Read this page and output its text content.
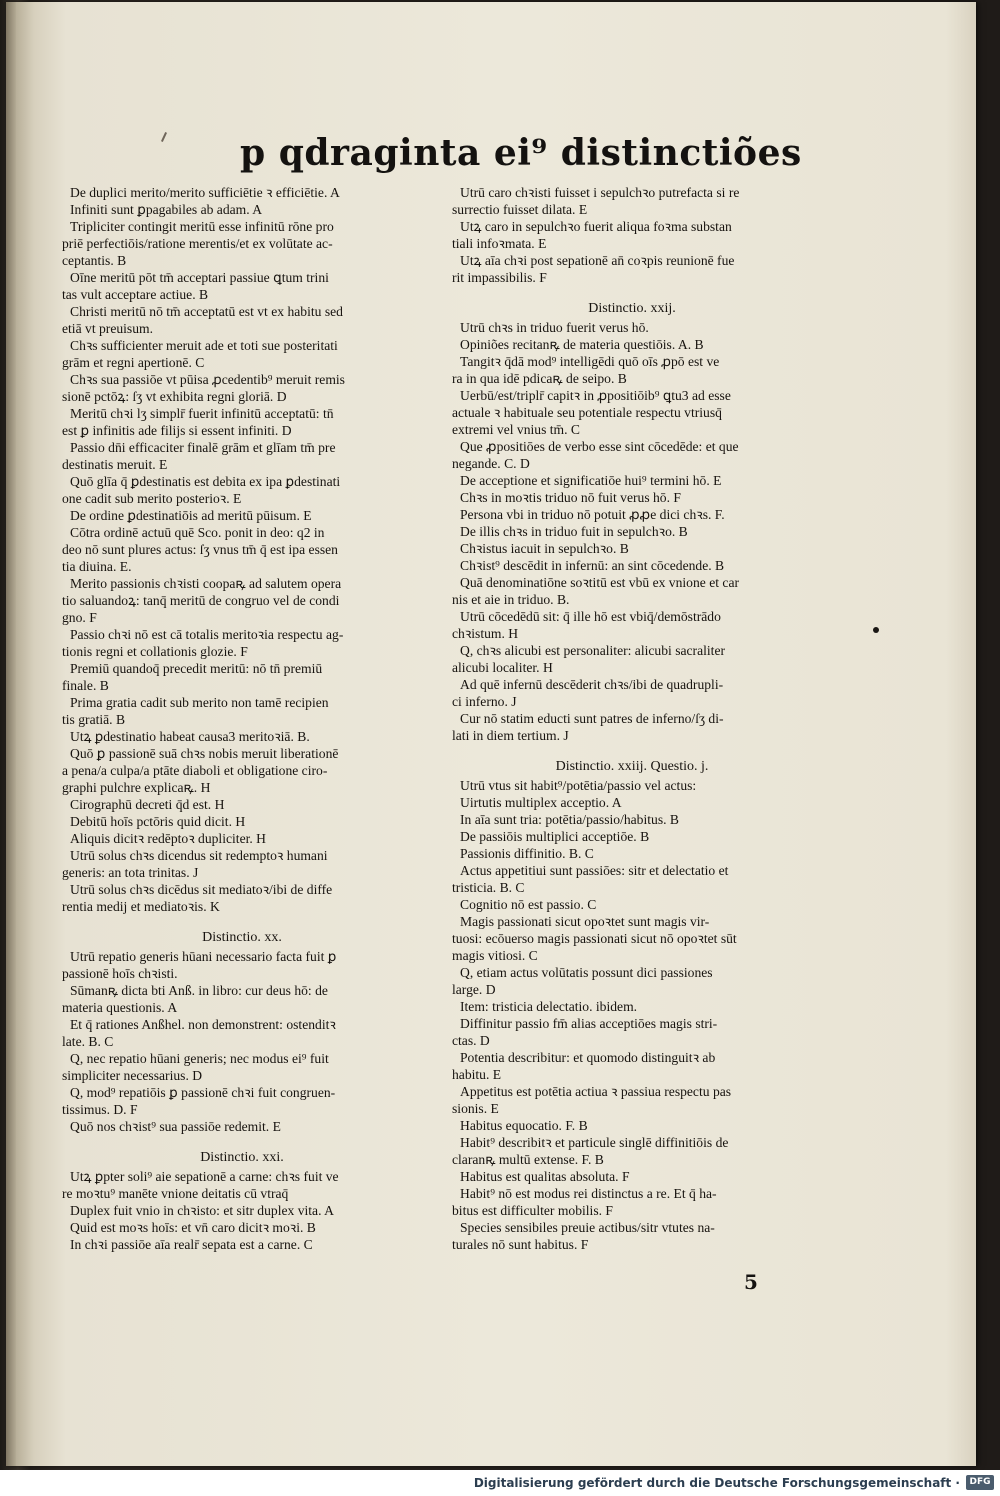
p qdraginta ei⁹ distinctiões
De duplici merito/merito sufficiētie ꝛ efficiētie. A
Infiniti sunt ꝑpagabiles ab adam. A
Tripliciter contingit meritū esse infinitū rōne pro
priē perfectiōis/ratione merentis/et ex volūtate ac-
ceptantis. B
Oīne meritū pōt tm̄ acceptari passiue ꝗtum trini
tas vult acceptare actiue. B
Christi meritū nō tm̄ acceptatū est vt ex habitu sed
etiā vt preuisum.
Chꝛs sufficienter meruit ade et toti sue posteritati
grām et regni apertionē. C
Chꝛs sua passiōe vt pūisa ꝓcedentib⁹ meruit remis
sionē pctōꝝ: ſʒ vt exhibita regni gloriā. D
Meritū chꝛi lʒ simplr̄ fuerit infinitū acceptatū: tn̄
est ꝑ infinitis ade filijs si essent infiniti. D
Passio dn̄i efficaciter finalē grām et glīam tm̄ pre
destinatis meruit. E
Quō glīa q̄ ꝑdestinatis est debita ex ipa ꝑdestinati
one cadit sub merito posterioꝛ. E
De ordine ꝑdestinatiōis ad meritū pūisum. E
Cōtra ordinē actuū quē Sco. ponit in deo: q2 in
deo nō sunt plures actus: ſʒ vnus tm̄ q̄ est ipa essen
tia diuina. E.
Merito passionis chꝛisti coopaꝶ ad salutem opera
tio saluandoꝝ: tanq̄ meritū de congruo vel de condi
gno. F
Passio chꝛi nō est cā totalis meritoꝛia respectu ag-
tionis regni et collationis glozie. F
Premiū quandoq̄ precedit meritū: nō tn̄ premiū
finale. B
Prima gratia cadit sub merito non tamē recipien
tis gratiā. B
Utꝝ ꝑdestinatio habeat causa3 meritoꝛiā. B.
Quō ꝑ passionē suā chꝛs nobis meruit liberationē
a pena/a culpa/a ptāte diaboli et obligatione ciro-
graphi pulchre explicaꝶ. H
Cirographū decreti q̄d est. H
Debitū hoīs pctōris quid dicit. H
Aliquis dicitꝛ redēptoꝛ dupliciter. H
Utrū solus chꝛs dicendus sit redemptoꝛ humani
generis: an tota trinitas. J
Utrū solus chꝛs dicēdus sit mediatoꝛ/ibi de diffe
rentia medij et mediatoꝛis. K
Distinctio. xx.
Utrū repatio generis hūani necessario facta fuit ꝑ
passionē hoīs chꝛisti.
Sūmanꝶ dicta bti Anß. in libro: cur deus hō: de
materia questionis. A
Et q̄ rationes Anßhel. non demonstrent: ostenditꝛ
late. B. C
Q, nec repatio hūani generis; nec modus ei⁹ fuit
simpliciter necessarius. D
Q, mod⁹ repatiōis ꝑ passionē chꝛi fuit congruen-
tissimus. D. F
Quō nos chꝛist⁹ sua passiōe redemit. E
Distinctio. xxi.
Utꝝ ꝑpter soli⁹ aie sepationē a carne: chꝛs fuit ve
re moꝛtu⁹ manēte vnione deitatis cū vtraq̄
Duplex fuit vnio in chꝛisto: et sitr duplex vita. A
Quid est moꝛs hoīs: et vn̄ caro dicitꝛ moꝛi. B
In chꝛi passiōe aīa realr̄ sepata est a carne. C
Utrū caro chꝛisti fuisset i sepulchꝛo putrefacta si re
surrectio fuisset dilata. E
Utꝝ caro in sepulchꝛo fuerit aliqua foꝛma substan
tiali infoꝛmata. E
Utꝝ aīa chꝛi post sepationē an̄ coꝛpis reunionē fue
rit impassibilis. F
Distinctio. xxij.
Utrū chꝛs in triduo fuerit verus hō.
Opiniões recitanꝶ de materia questiōis. A. B
Tangitꝛ q̄dā mod⁹ intelligēdi quō oīs ꝓpō est ve
ra in qua idē pdicaꝶ de seipo. B
Uerbū/est/triplr̄ capitꝛ in ꝓpositiōib⁹ ꝗtu3 ad esse
actuale ꝛ habituale seu potentiale respectu vtriusq̄
extremi vel vnius tm̄. C
Que ꝓpositiōes de verbo esse sint cōcedēde: et que
negande. C. D
De acceptione et significatiōe hui⁹ termini hō. E
Chꝛs in moꝛtis triduo nō fuit verus hō. F
Persona vbi in triduo nō potuit ꝓꝓe dici chꝛs. F.
De illis chꝛs in triduo fuit in sepulchꝛo. B
Chꝛistus iacuit in sepulchꝛo. B
Chꝛist⁹ descēdit in infernū: an sint cōcedende. B
Quā denominatiōne soꝛtitū est vbū ex vnione et car
nis et aie in triduo. B.
Utrū cōcedēdū sit: q̄ ille hō est vbiq̄/demōstrādo
chꝛistum. H
Q, chꝛs alicubi est personaliter: alicubi sacraliter
alicubi localiter. H
Ad quē infernū descēderit chꝛs/ibi de quadrupli-
ci inferno. J
Cur nō statim educti sunt patres de inferno/ſʒ di-
lati in diem tertium. J
Distinctio. xxiij. Questio. j.
Utrū vtus sit habit⁹/potētia/passio vel actus:
Uirtutis multiplex acceptio. A
In aīa sunt tria: potētia/passio/habitus. B
De passiōis multiplici acceptiōe. B
Passionis diffinitio. B. C
Actus appetitiui sunt passiōes: sitr et delectatio et
tristicia. B. C
Cognitio nō est passio. C
Magis passionati sicut opoꝛtet sunt magis vir-
tuosi: ecōuerso magis passionati sicut nō opoꝛtet sūt
magis vitiosi. C
Q, etiam actus volūtatis possunt dici passiones
large. D
Item: tristicia delectatio. ibidem.
Diffinitur passio fm̄ alias acceptiōes magis stri-
ctas. D
Potentia describitur: et quomodo distinguitꝛ ab
habitu. E
Appetitus est potētia actiua ꝛ passiua respectu pas
sionis. E
Habitus equocatio. F. B
Habit⁹ describitꝛ et particule singlē diffinitiōis de
claranꝶ multū extense. F. B
Habitus est qualitas absoluta. F
Habit⁹ nō est modus rei distinctus a re. Et q̄ ha-
bitus est difficulter mobilis. F
Species sensibiles preuie actibus/sitr vtutes na-
turales nō sunt habitus. F
5
Digitalisierung gefördert durch die Deutsche Forschungsgemeinschaft ·	DFG
